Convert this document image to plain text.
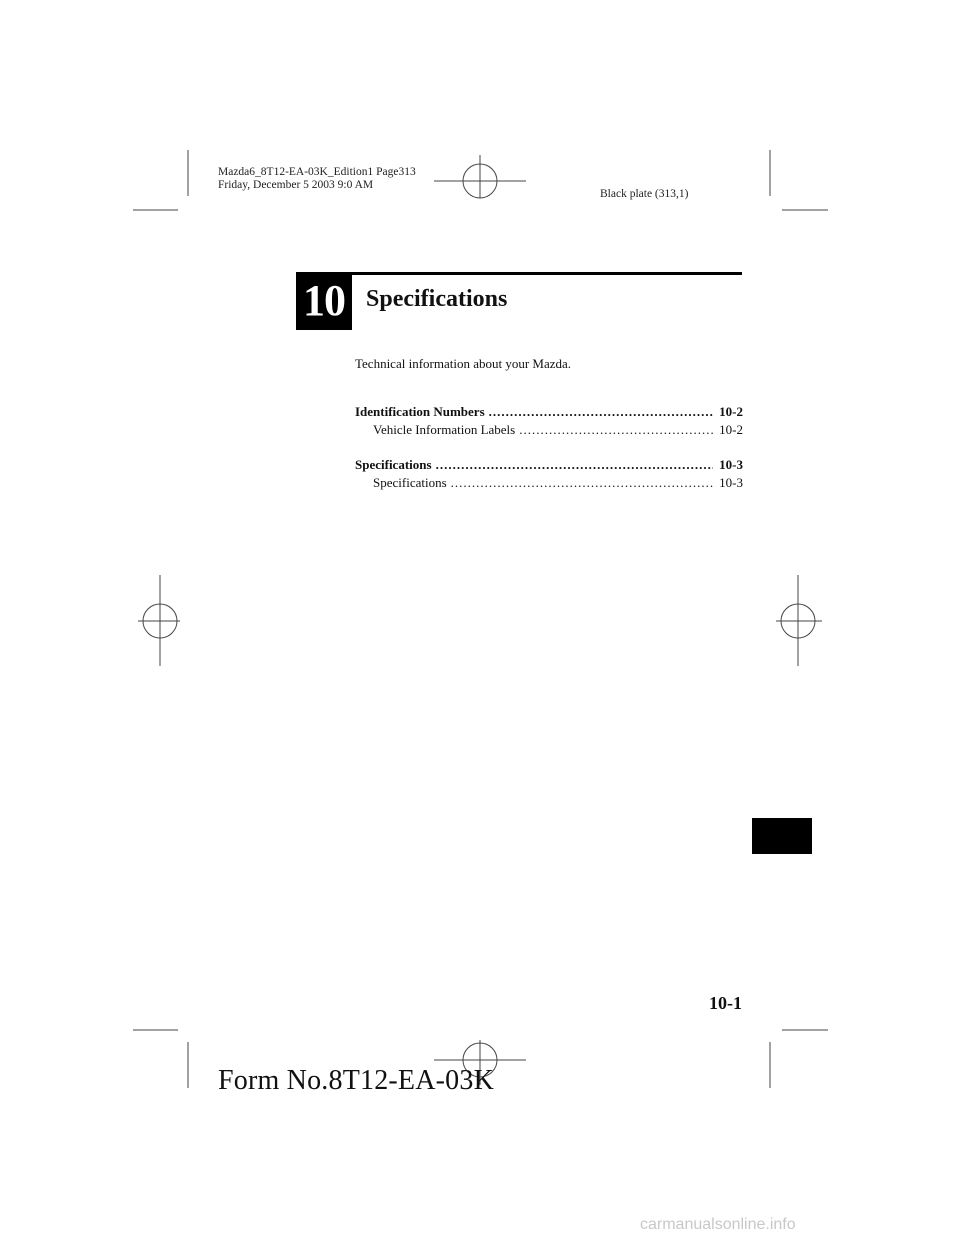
Mazda6_8T12-EA-03K_Edition1 Page313
Friday, December 5 2003 9:0 AM
Black plate (313,1)
10 Specifications
Technical information about your Mazda.
Identification Numbers .....	10-2
Vehicle Information Labels .....	10-2
Specifications .....	10-3
Specifications .....	10-3
10-1
Form No.8T12-EA-03K
carmanualsonline.info
